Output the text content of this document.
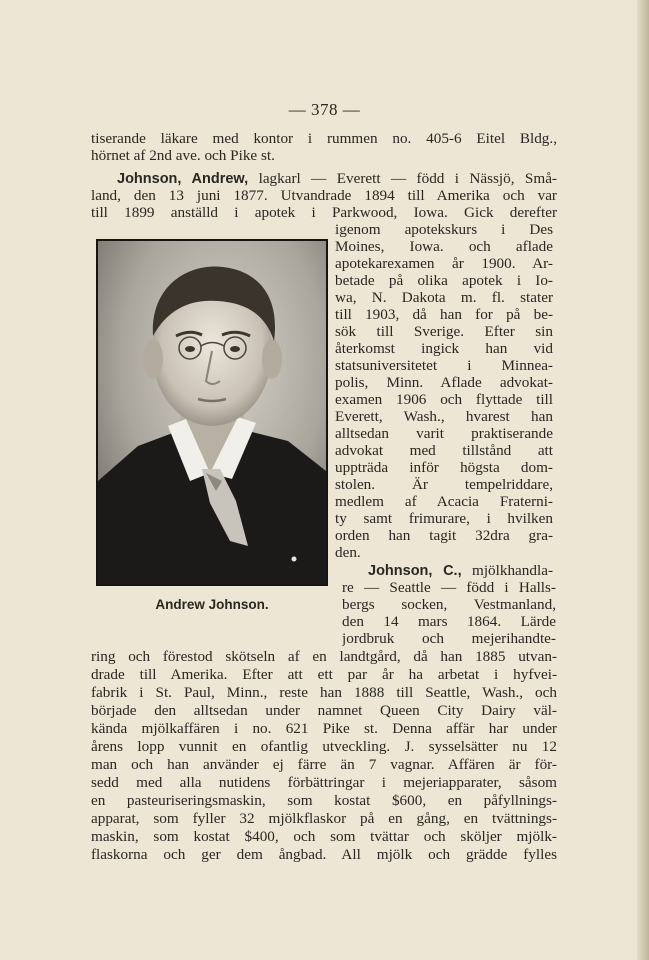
— 378 —
tiserande läkare med kontor i rummen no. 405-6 Eitel Bldg.,
hörnet af 2nd ave. och Pike st.
Johnson, Andrew, lagkarl — Everett — född i Nässjö, Små-
land, den 13 juni 1877. Utvandrade 1894 till Amerika och var
till 1899 anställd i apotek i Parkwood, Iowa. Gick derefter
igenom apotekskurs i Des
Moines, Iowa. och aflade
apotekarexamen år 1900. Ar-
betade på olika apotek i Io-
wa, N. Dakota m. fl. stater
till 1903, då han for på be-
sök till Sverige. Efter sin
återkomst ingick han vid
statsuniversitetet i Minnea-
polis, Minn. Aflade advokat-
examen 1906 och flyttade till
Everett, Wash., hvarest han
alltsedan varit praktiserande
advokat med tillstånd att
uppträda inför högsta dom-
stolen. Är tempelriddare,
medlem af Acacia Fraterni-
ty samt frimurare, i hvilken
orden han tagit 32dra gra-
den.
Johnson, C., mjölkhandla-
re — Seattle — född i Halls-
bergs socken, Vestmanland,
den 14 mars 1864. Lärde
jordbruk och mejerihandte-
ring och förestod skötseln af en landtgård, då han 1885 utvan-
drade till Amerika. Efter att ett par år ha arbetat i hyfvei-
fabrik i St. Paul, Minn., reste han 1888 till Seattle, Wash., och
började den alltsedan under namnet Queen City Dairy väl-
kända mjölkaffären i no. 621 Pike st. Denna affär har under
årens lopp vunnit en ofantlig utveckling. J. sysselsätter nu 12
man och han använder ej färre än 7 vagnar. Affären är för-
sedd med alla nutidens förbättringar i mejeriapparater, såsom
en pasteuriseringsmaskin, som kostat $600, en påfyllnings-
apparat, som fyller 32 mjölkflaskor på en gång, en tvättnings-
maskin, som kostat $400, och som tvättar och sköljer mjölk-
flaskorna och ger dem ångbad. All mjölk och grädde fylles
Andrew Johnson.
